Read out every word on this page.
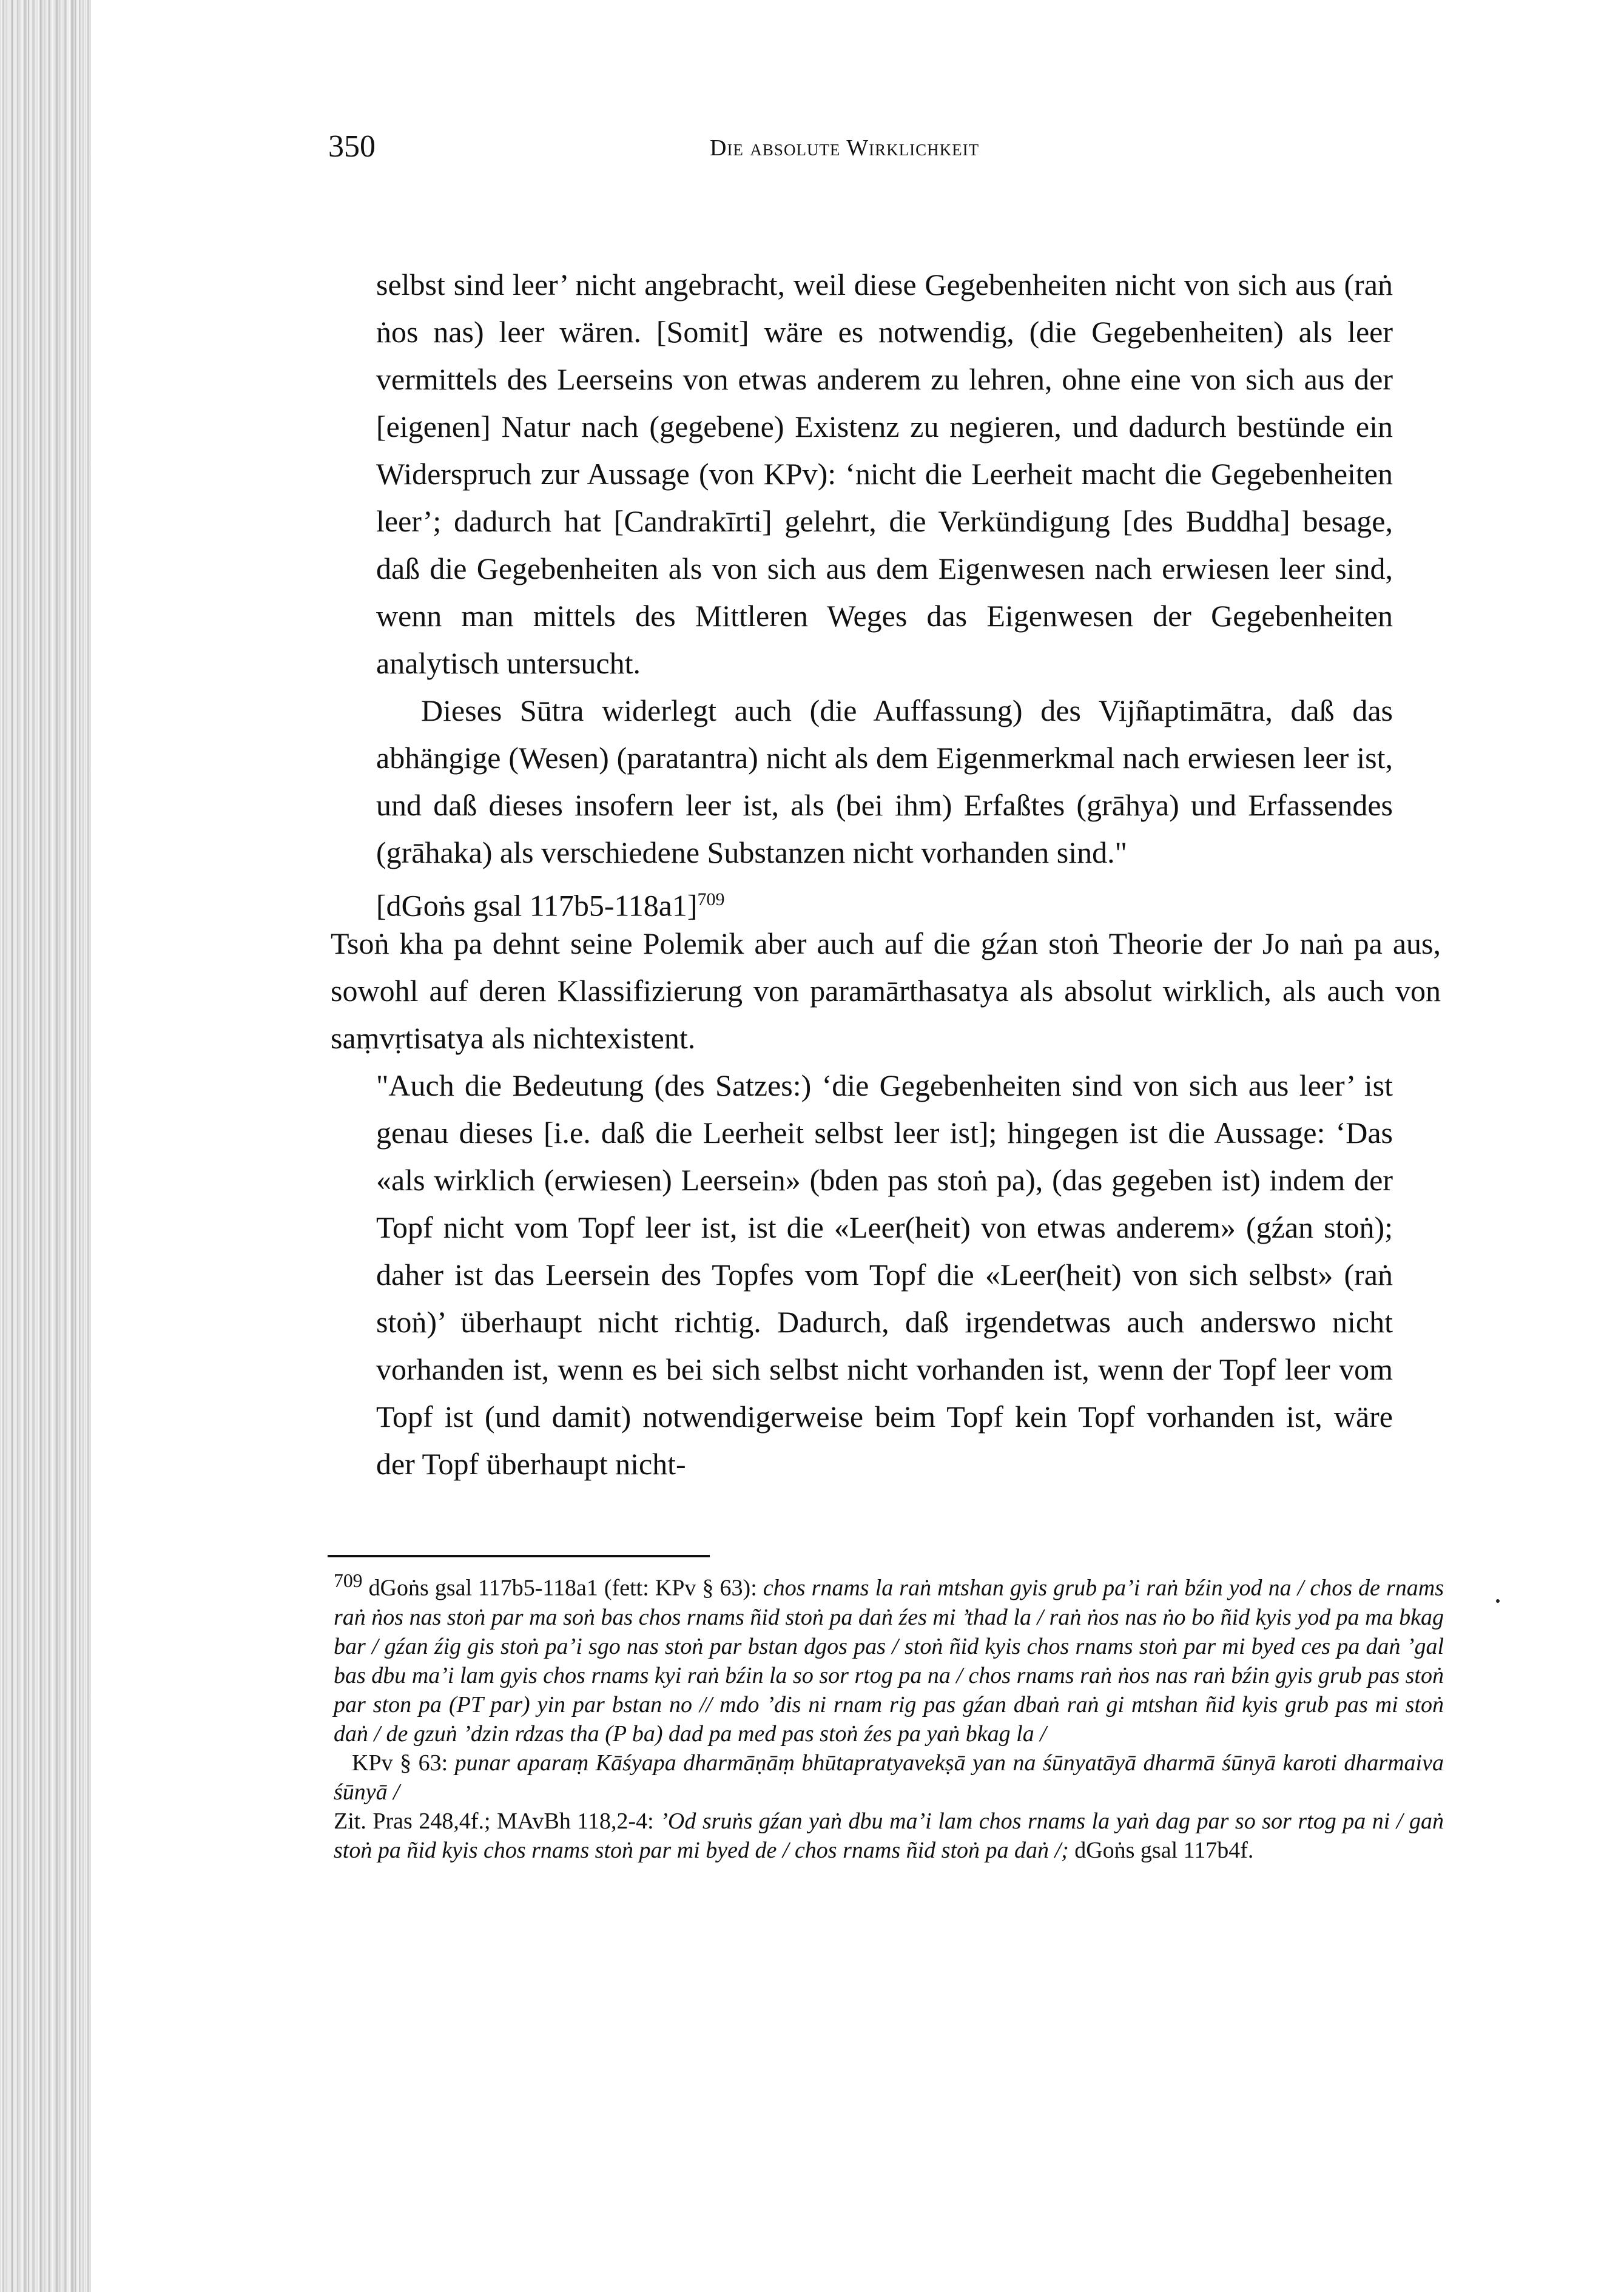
350	Die absolute Wirklichkeit

selbst sind leer’ nicht angebracht, weil diese Gegebenheiten nicht von sich aus (raṅ ṅos nas) leer wären. [Somit] wäre es notwendig, (die Gegebenheiten) als leer vermittels des Leerseins von etwas anderem zu lehren, ohne eine von sich aus der [eigenen] Natur nach (gegebene) Existenz zu negieren, und dadurch bestünde ein Widerspruch zur Aussage (von KPv): ‘nicht die Leerheit macht die Gegebenheiten leer’; dadurch hat [Candrakīrti] gelehrt, die Verkündigung [des Buddha] besage, daß die Gegebenheiten als von sich aus dem Eigenwesen nach erwiesen leer sind, wenn man mittels des Mittleren Weges das Eigenwesen der Gegebenheiten analytisch untersucht.

Dieses Sūtra widerlegt auch (die Auffassung) des Vijñaptimātra, daß das abhängige (Wesen) (paratantra) nicht als dem Eigenmerkmal nach erwiesen leer ist, und daß dieses insofern leer ist, als (bei ihm) Erfaßtes (grāhya) und Erfassendes (grāhaka) als verschiedene Substanzen nicht vorhanden sind."

[dGoṅs gsal 117b5-118a1]$^{709}$

Tsoṅ kha pa dehnt seine Polemik aber auch auf die gźan stoṅ Theorie der Jo naṅ pa aus, sowohl auf deren Klassifizierung von paramārthasatya als absolut wirklich, als auch von saṃvṛtisatya als nichtexistent.
"Auch die Bedeutung (des Satzes:) ‘die Gegebenheiten sind von sich aus leer’ ist genau dieses [i.e. daß die Leerheit selbst leer ist]; hingegen ist die Aussage: ‘Das «als wirklich (erwiesen) Leersein» (bden pas stoṅ pa), (das gegeben ist) indem der Topf nicht vom Topf leer ist, ist die «Leer(heit) von etwas anderem» (gźan stoṅ); daher ist das Leersein des Topfes vom Topf die «Leer(heit) von sich selbst» (raṅ stoṅ)’ überhaupt nicht richtig. Dadurch, daß irgendetwas auch anderswo nicht vorhanden ist, wenn es bei sich selbst nicht vorhanden ist, wenn der Topf leer vom Topf ist (und damit) notwendigerweise beim Topf kein Topf vorhanden ist, wäre der Topf überhaupt nicht-

$^{709}$ dGoṅs gsal 117b5-118a1 (fett: KPv § 63): chos rnams la raṅ mtshan gyis grub pa’i raṅ bźin yod na / chos de rnams raṅ ṅos nas stoṅ par ma soṅ bas chos rnams ñid stoṅ pa daṅ źes mi ’thad la / raṅ ṅos nas ṅo bo ñid kyis yod pa ma bkag bar / gźan źig gis stoṅ pa’i sgo nas stoṅ par bstan dgos pas / stoṅ ñid kyis chos rnams stoṅ par mi byed ces pa daṅ ’gal bas dbu ma’i lam gyis chos rnams kyi raṅ bźin la so sor rtog pa na / chos rnams raṅ ṅos nas raṅ bźin gyis grub pas stoṅ par ston pa (PT par) yin par bstan no // mdo ’dis ni rnam rig pas gźan dbaṅ raṅ gi mtshan ñid kyis grub pas mi stoṅ daṅ / de gzuṅ ’dzin rdzas tha (P ba) dad pa med pas stoṅ źes pa yaṅ bkag la /

KPv § 63: punar aparaṃ Kāśyapa dharmāṇāṃ bhūtapratyavekṣā yan na śūnyatāyā dharmā śūnyā karoti dharmaiva śūnyā /

Zit. Pras 248,4f.; MAvBh 118,2-4: ’Od sruṅs gźan yaṅ dbu ma’i lam chos rnams la yaṅ dag par so sor rtog pa ni / gaṅ stoṅ pa ñid kyis chos rnams stoṅ par mi byed de / chos rnams ñid stoṅ pa daṅ /; dGoṅs gsal 117b4f.
